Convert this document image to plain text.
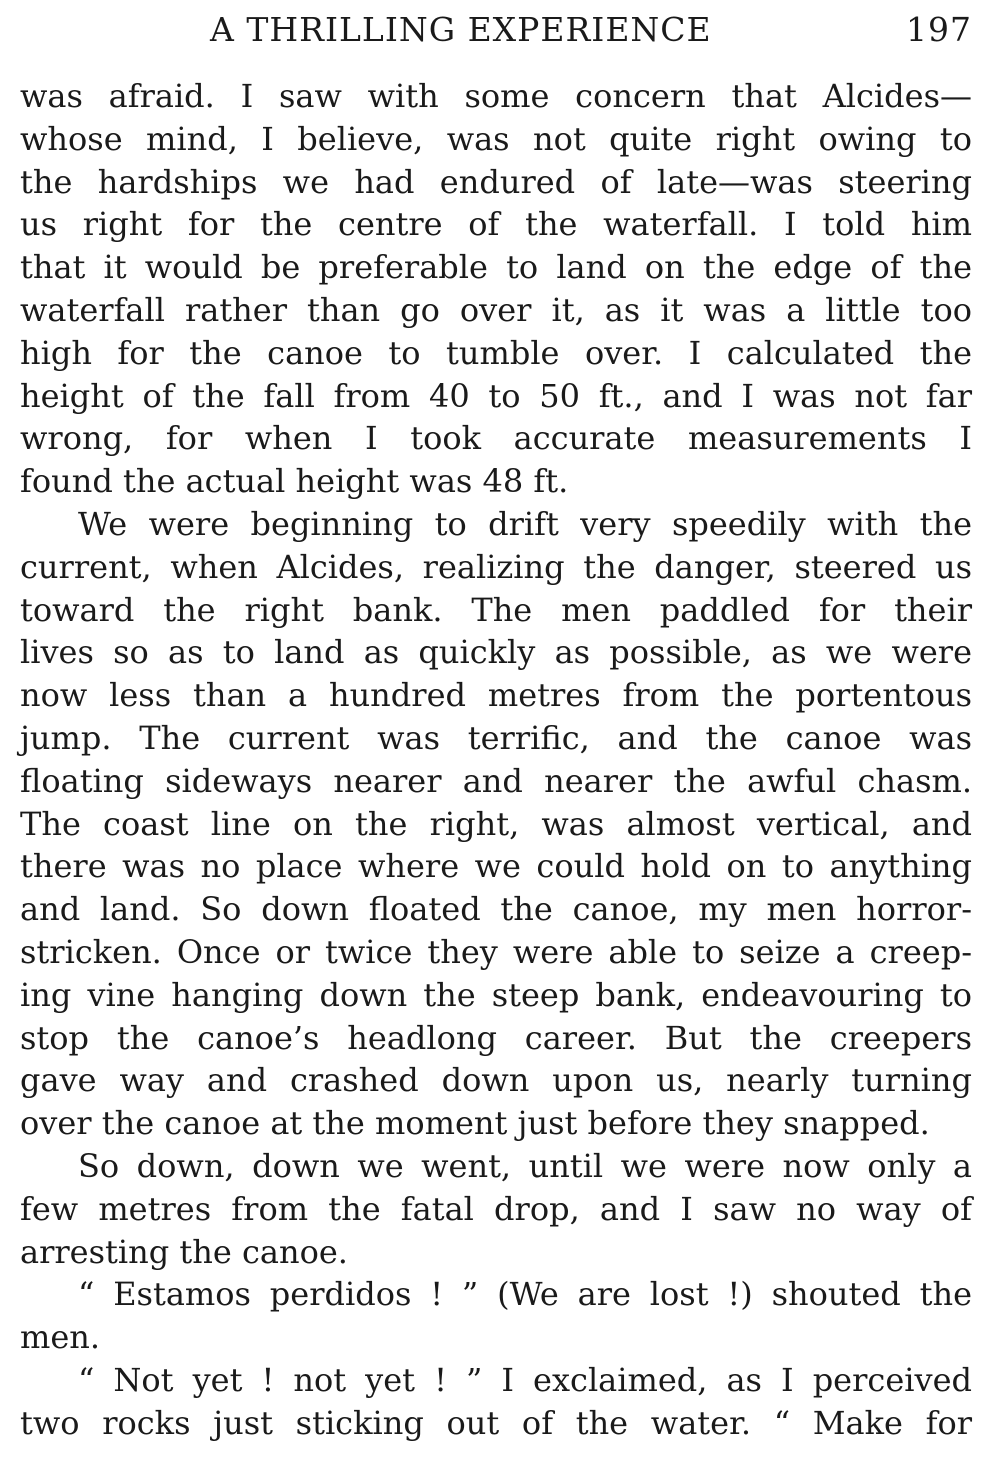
A THRILLING EXPERIENCE	197
was afraid. I saw with some concern that Alcides—
whose mind, I believe, was not quite right owing to
the hardships we had endured of late—was steering
us right for the centre of the waterfall. I told him
that it would be preferable to land on the edge of the
waterfall rather than go over it, as it was a little too
high for the canoe to tumble over. I calculated the
height of the fall from 40 to 50 ft., and I was not far
wrong, for when I took accurate measurements I
found the actual height was 48 ft.
We were beginning to drift very speedily with the
current, when Alcides, realizing the danger, steered us
toward the right bank. The men paddled for their
lives so as to land as quickly as possible, as we were
now less than a hundred metres from the portentous
jump. The current was terrific, and the canoe was
floating sideways nearer and nearer the awful chasm.
The coast line on the right, was almost vertical, and
there was no place where we could hold on to anything
and land. So down floated the canoe, my men horror-
stricken. Once or twice they were able to seize a creep-
ing vine hanging down the steep bank, endeavouring to
stop the canoe’s headlong career. But the creepers
gave way and crashed down upon us, nearly turning
over the canoe at the moment just before they snapped.
So down, down we went, until we were now only a
few metres from the fatal drop, and I saw no way of
arresting the canoe.
“ Estamos perdidos ! ” (We are lost !) shouted the
men.
“ Not yet ! not yet ! ” I exclaimed, as I perceived
two rocks just sticking out of the water. “ Make for
